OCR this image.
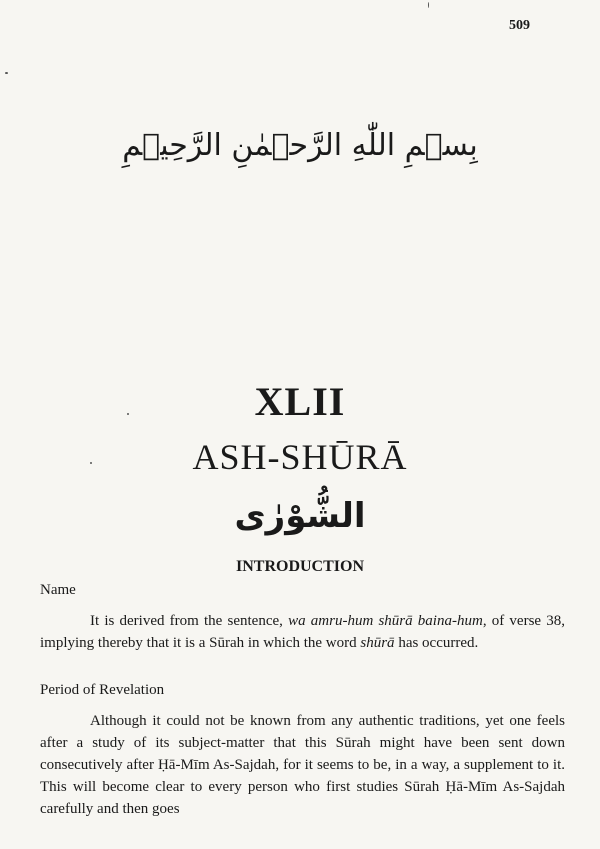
509
بِسۡمِ اللّٰهِ الرَّحۡمٰنِ الرَّحِيۡمِ
XLII
ASH-SHŪRĀ
الشُّوْرٰى
INTRODUCTION
Name
It is derived from the sentence, wa amru-hum shūrā baina-hum, of verse 38, implying thereby that it is a Sūrah in which the word shūrā has occurred.
Period of Revelation
Although it could not be known from any authentic traditions, yet one feels after a study of its subject-matter that this Sūrah might have been sent down consecutively after Ḥā-Mīm As-Sajdah, for it seems to be, in a way, a supplement to it. This will become clear to every person who first studies Sūrah Ḥā-Mīm As-Sajdah carefully and then goes
